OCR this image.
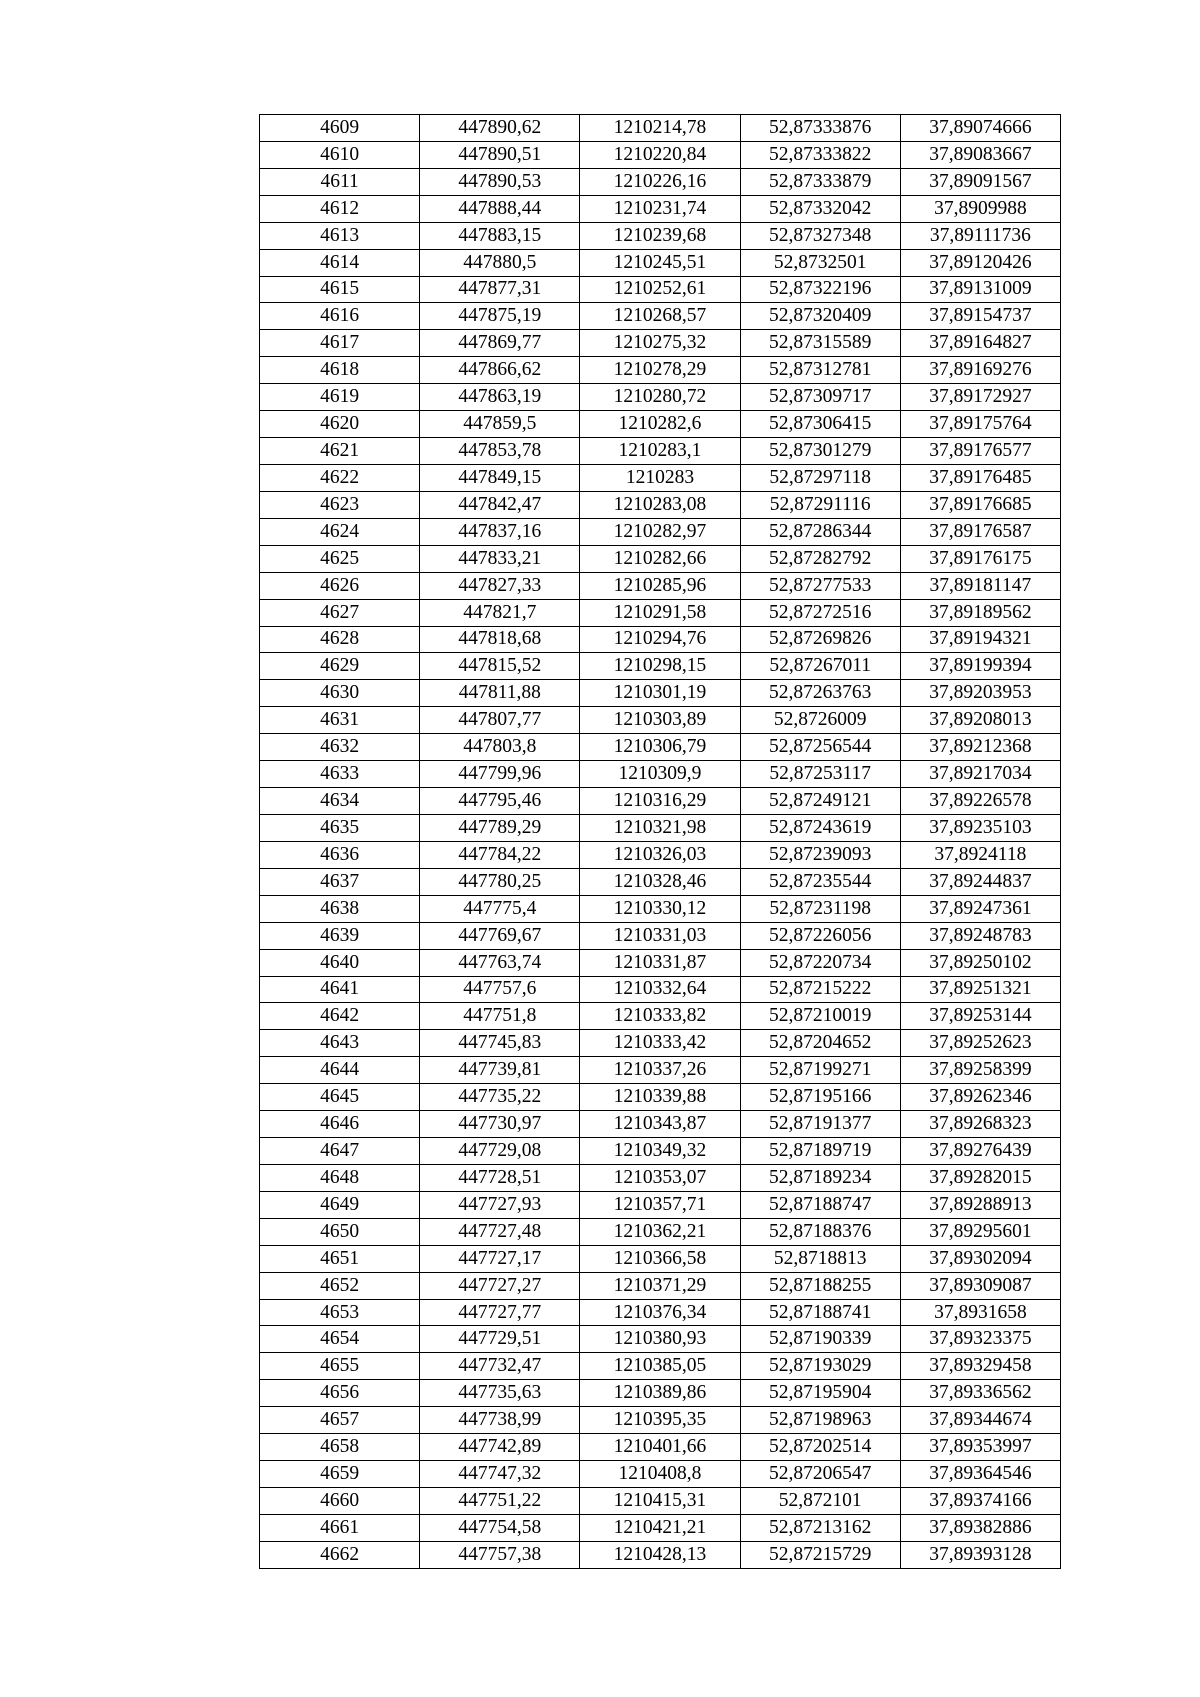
4609	447890,62	1210214,78	52,87333876	37,89074666
4610	447890,51	1210220,84	52,87333822	37,89083667
4611	447890,53	1210226,16	52,87333879	37,89091567
4612	447888,44	1210231,74	52,87332042	37,8909988
4613	447883,15	1210239,68	52,87327348	37,89111736
4614	447880,5	1210245,51	52,8732501	37,89120426
4615	447877,31	1210252,61	52,87322196	37,89131009
4616	447875,19	1210268,57	52,87320409	37,89154737
4617	447869,77	1210275,32	52,87315589	37,89164827
4618	447866,62	1210278,29	52,87312781	37,89169276
4619	447863,19	1210280,72	52,87309717	37,89172927
4620	447859,5	1210282,6	52,87306415	37,89175764
4621	447853,78	1210283,1	52,87301279	37,89176577
4622	447849,15	1210283	52,87297118	37,89176485
4623	447842,47	1210283,08	52,87291116	37,89176685
4624	447837,16	1210282,97	52,87286344	37,89176587
4625	447833,21	1210282,66	52,87282792	37,89176175
4626	447827,33	1210285,96	52,87277533	37,89181147
4627	447821,7	1210291,58	52,87272516	37,89189562
4628	447818,68	1210294,76	52,87269826	37,89194321
4629	447815,52	1210298,15	52,87267011	37,89199394
4630	447811,88	1210301,19	52,87263763	37,89203953
4631	447807,77	1210303,89	52,8726009	37,89208013
4632	447803,8	1210306,79	52,87256544	37,89212368
4633	447799,96	1210309,9	52,87253117	37,89217034
4634	447795,46	1210316,29	52,87249121	37,89226578
4635	447789,29	1210321,98	52,87243619	37,89235103
4636	447784,22	1210326,03	52,87239093	37,8924118
4637	447780,25	1210328,46	52,87235544	37,89244837
4638	447775,4	1210330,12	52,87231198	37,89247361
4639	447769,67	1210331,03	52,87226056	37,89248783
4640	447763,74	1210331,87	52,87220734	37,89250102
4641	447757,6	1210332,64	52,87215222	37,89251321
4642	447751,8	1210333,82	52,87210019	37,89253144
4643	447745,83	1210333,42	52,87204652	37,89252623
4644	447739,81	1210337,26	52,87199271	37,89258399
4645	447735,22	1210339,88	52,87195166	37,89262346
4646	447730,97	1210343,87	52,87191377	37,89268323
4647	447729,08	1210349,32	52,87189719	37,89276439
4648	447728,51	1210353,07	52,87189234	37,89282015
4649	447727,93	1210357,71	52,87188747	37,89288913
4650	447727,48	1210362,21	52,87188376	37,89295601
4651	447727,17	1210366,58	52,8718813	37,89302094
4652	447727,27	1210371,29	52,87188255	37,89309087
4653	447727,77	1210376,34	52,87188741	37,8931658
4654	447729,51	1210380,93	52,87190339	37,89323375
4655	447732,47	1210385,05	52,87193029	37,89329458
4656	447735,63	1210389,86	52,87195904	37,89336562
4657	447738,99	1210395,35	52,87198963	37,89344674
4658	447742,89	1210401,66	52,87202514	37,89353997
4659	447747,32	1210408,8	52,87206547	37,89364546
4660	447751,22	1210415,31	52,872101	37,89374166
4661	447754,58	1210421,21	52,87213162	37,89382886
4662	447757,38	1210428,13	52,87215729	37,89393128
